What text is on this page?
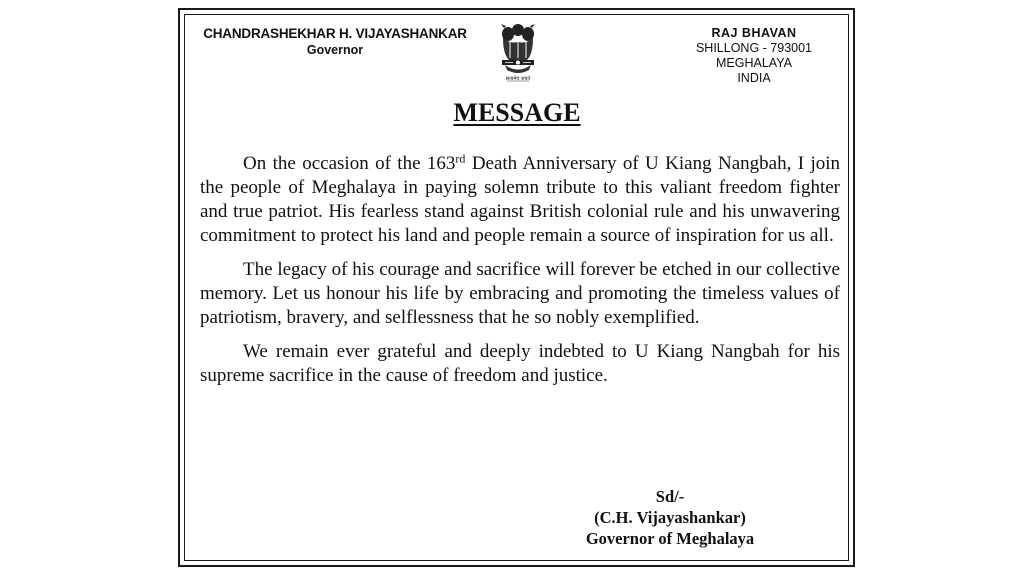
CHANDRASHEKHAR H. VIJAYASHANKAR
Governor
सत्यमेव जयते
RAJ BHAVAN
SHILLONG - 793001
MEGHALAYA
INDIA
MESSAGE

On the occasion of the 163rd Death Anniversary of U Kiang Nangbah, I join the people of Meghalaya in paying solemn tribute to this valiant freedom fighter and true patriot. His fearless stand against British colonial rule and his unwavering commitment to protect his land and people remain a source of inspiration for us all.

The legacy of his courage and sacrifice will forever be etched in our collective memory. Let us honour his life by embracing and promoting the timeless values of patriotism, bravery, and selflessness that he so nobly exemplified.

We remain ever grateful and deeply indebted to U Kiang Nangbah for his supreme sacrifice in the cause of freedom and justice.

Sd/-
(C.H. Vijayashankar)
Governor of Meghalaya
